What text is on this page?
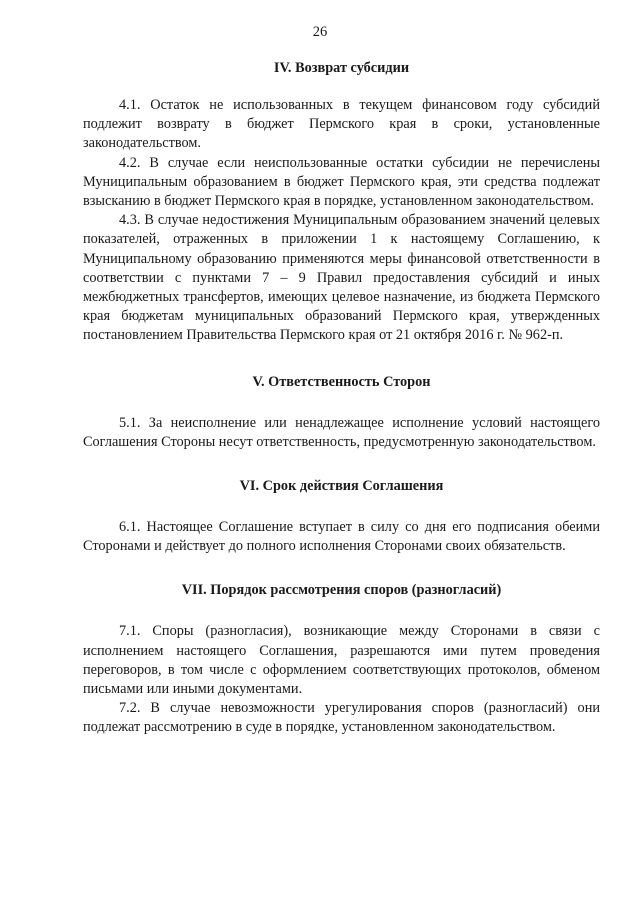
26
IV. Возврат субсидии

4.1. Остаток не использованных в текущем финансовом году субсидий подлежит возврату в бюджет Пермского края в сроки, установленные законодательством.

4.2. В случае если неиспользованные остатки субсидии не перечислены Муниципальным образованием в бюджет Пермского края, эти средства подлежат взысканию в бюджет Пермского края в порядке, установленном законодательством.

4.3. В случае недостижения Муниципальным образованием значений целевых показателей, отраженных в приложении 1 к настоящему Соглашению, к Муниципальному образованию применяются меры финансовой ответственности в соответствии с пунктами 7 – 9 Правил предоставления субсидий и иных межбюджетных трансфертов, имеющих целевое назначение, из бюджета Пермского края бюджетам муниципальных образований Пермского края, утвержденных постановлением Правительства Пермского края от 21 октября 2016 г. № 962-п.

V. Ответственность Сторон

5.1. За неисполнение или ненадлежащее исполнение условий настоящего Соглашения Стороны несут ответственность, предусмотренную законодательством.

VI. Срок действия Соглашения

6.1. Настоящее Соглашение вступает в силу со дня его подписания обеими Сторонами и действует до полного исполнения Сторонами своих обязательств.

VII. Порядок рассмотрения споров (разногласий)

7.1. Споры (разногласия), возникающие между Сторонами в связи с исполнением настоящего Соглашения, разрешаются ими путем проведения переговоров, в том числе с оформлением соответствующих протоколов, обменом письмами или иными документами.

7.2. В случае невозможности урегулирования споров (разногласий) они подлежат рассмотрению в суде в порядке, установленном законодательством.
